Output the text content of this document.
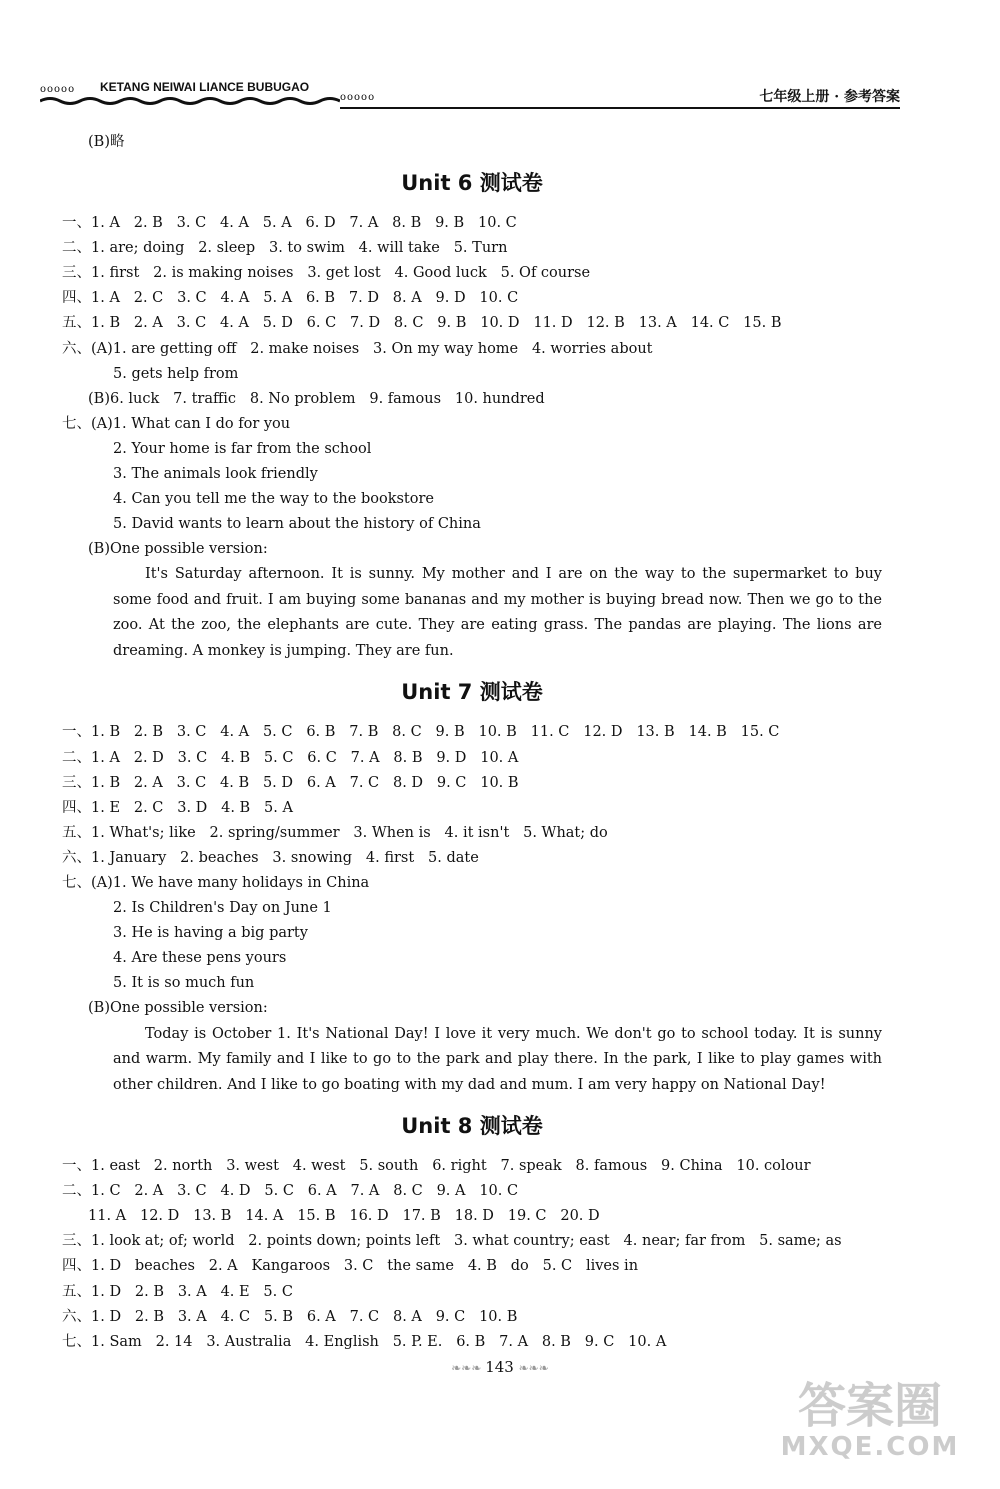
ooooo KETANG NEIWAI LIANCE BUBUGAO
ooooo	七年级上册 · 参考答案
(B)略
Unit 6 测试卷
一、1. A   2. B   3. C   4. A   5. A   6. D   7. A   8. B   9. B   10. C
二、1. are; doing   2. sleep   3. to swim   4. will take   5. Turn
三、1. first   2. is making noises   3. get lost   4. Good luck   5. Of course
四、1. A   2. C   3. C   4. A   5. A   6. B   7. D   8. A   9. D   10. C
五、1. B   2. A   3. C   4. A   5. D   6. C   7. D   8. C   9. B   10. D   11. D   12. B   13. A   14. C   15. B
六、(A)1. are getting off   2. make noises   3. On my way home   4. worries about
5. gets help from
(B)6. luck   7. traffic   8. No problem   9. famous   10. hundred
七、(A)1. What can I do for you
2. Your home is far from the school
3. The animals look friendly
4. Can you tell me the way to the bookstore
5. David wants to learn about the history of China
(B)One possible version:
It's Saturday afternoon. It is sunny. My mother and I are on the way to the supermarket to buy some food and fruit. I am buying some bananas and my mother is buying bread now. Then we go to the zoo. At the zoo, the elephants are cute. They are eating grass. The pandas are playing. The lions are dreaming. A monkey is jumping. They are fun.
Unit 7 测试卷
一、1. B   2. B   3. C   4. A   5. C   6. B   7. B   8. C   9. B   10. B   11. C   12. D   13. B   14. B   15. C
二、1. A   2. D   3. C   4. B   5. C   6. C   7. A   8. B   9. D   10. A
三、1. B   2. A   3. C   4. B   5. D   6. A   7. C   8. D   9. C   10. B
四、1. E   2. C   3. D   4. B   5. A
五、1. What's; like   2. spring/summer   3. When is   4. it isn't   5. What; do
六、1. January   2. beaches   3. snowing   4. first   5. date
七、(A)1. We have many holidays in China
2. Is Children's Day on June 1
3. He is having a big party
4. Are these pens yours
5. It is so much fun
(B)One possible version:
Today is October 1. It's National Day! I love it very much. We don't go to school today. It is sunny and warm. My family and I like to go to the park and play there. In the park, I like to play games with other children. And I like to go boating with my dad and mum. I am very happy on National Day!
Unit 8 测试卷
一、1. east   2. north   3. west   4. west   5. south   6. right   7. speak   8. famous   9. China   10. colour
二、1. C   2. A   3. C   4. D   5. C   6. A   7. A   8. C   9. A   10. C
11. A   12. D   13. B   14. A   15. B   16. D   17. B   18. D   19. C   20. D
三、1. look at; of; world   2. points down; points left   3. what country; east   4. near; far from   5. same; as
四、1. D   beaches   2. A   Kangaroos   3. C   the same   4. B   do   5. C   lives in
五、1. D   2. B   3. A   4. E   5. C
六、1. D   2. B   3. A   4. C   5. B   6. A   7. C   8. A   9. C   10. B
七、1. Sam   2. 14   3. Australia   4. English   5. P. E.   6. B   7. A   8. B   9. C   10. A
❧❧❧ 143 ❧❧❧
答案圈
MXQE.COM
